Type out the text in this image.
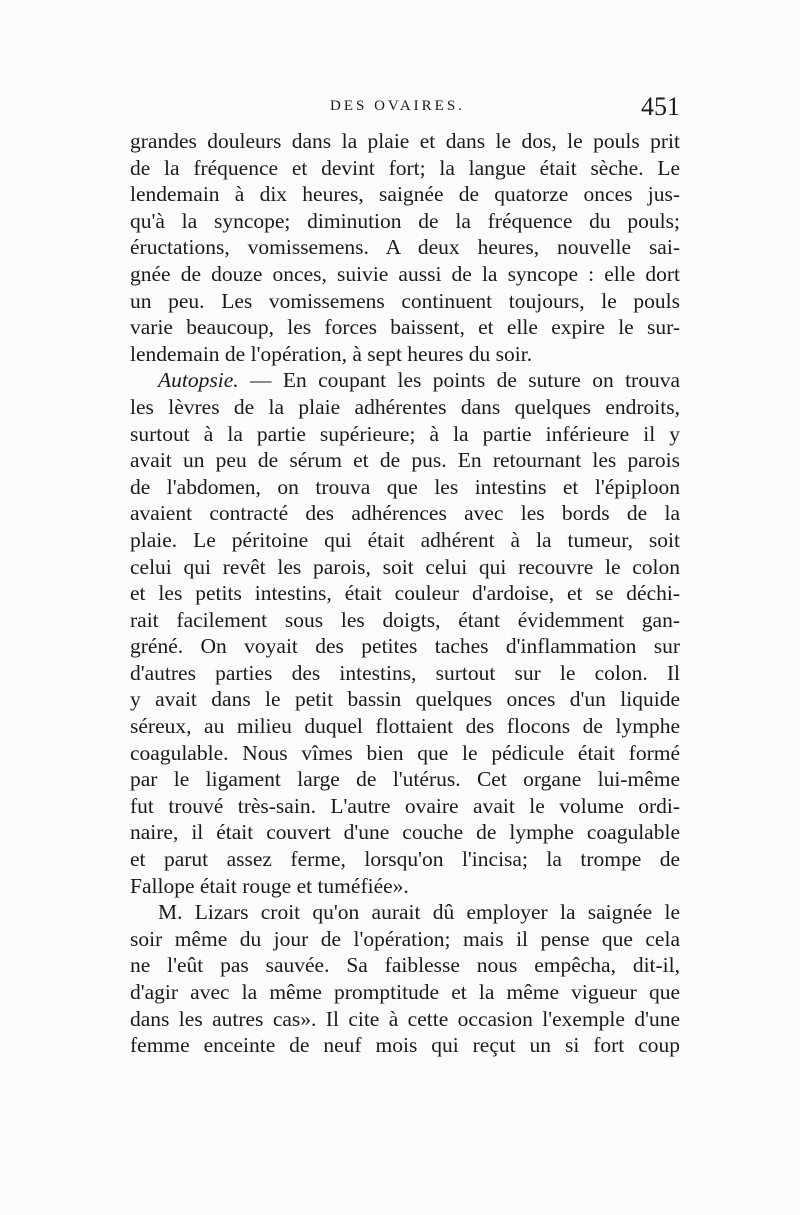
DES OVAIRES.	451
grandes douleurs dans la plaie et dans le dos, le pouls prit
de la fréquence et devint fort; la langue était sèche. Le
lendemain à dix heures, saignée de quatorze onces jus-
qu'à la syncope; diminution de la fréquence du pouls;
éructations, vomissemens. A deux heures, nouvelle sai-
gnée de douze onces, suivie aussi de la syncope : elle dort
un peu. Les vomissemens continuent toujours, le pouls
varie beaucoup, les forces baissent, et elle expire le sur-
lendemain de l'opération, à sept heures du soir.
Autopsie. — En coupant les points de suture on trouva
les lèvres de la plaie adhérentes dans quelques endroits,
surtout à la partie supérieure; à la partie inférieure il y
avait un peu de sérum et de pus. En retournant les parois
de l'abdomen, on trouva que les intestins et l'épiploon
avaient contracté des adhérences avec les bords de la
plaie. Le péritoine qui était adhérent à la tumeur, soit
celui qui revêt les parois, soit celui qui recouvre le colon
et les petits intestins, était couleur d'ardoise, et se déchi-
rait facilement sous les doigts, étant évidemment gan-
gréné. On voyait des petites taches d'inflammation sur
d'autres parties des intestins, surtout sur le colon. Il
y avait dans le petit bassin quelques onces d'un liquide
séreux, au milieu duquel flottaient des flocons de lymphe
coagulable. Nous vîmes bien que le pédicule était formé
par le ligament large de l'utérus. Cet organe lui-même
fut trouvé très-sain. L'autre ovaire avait le volume ordi-
naire, il était couvert d'une couche de lymphe coagulable
et parut assez ferme, lorsqu'on l'incisa; la trompe de
Fallope était rouge et tuméfiée».
M. Lizars croit qu'on aurait dû employer la saignée le
soir même du jour de l'opération; mais il pense que cela
ne l'eût pas sauvée. Sa faiblesse nous empêcha, dit-il,
d'agir avec la même promptitude et la même vigueur que
dans les autres cas». Il cite à cette occasion l'exemple d'une
femme enceinte de neuf mois qui reçut un si fort coup
